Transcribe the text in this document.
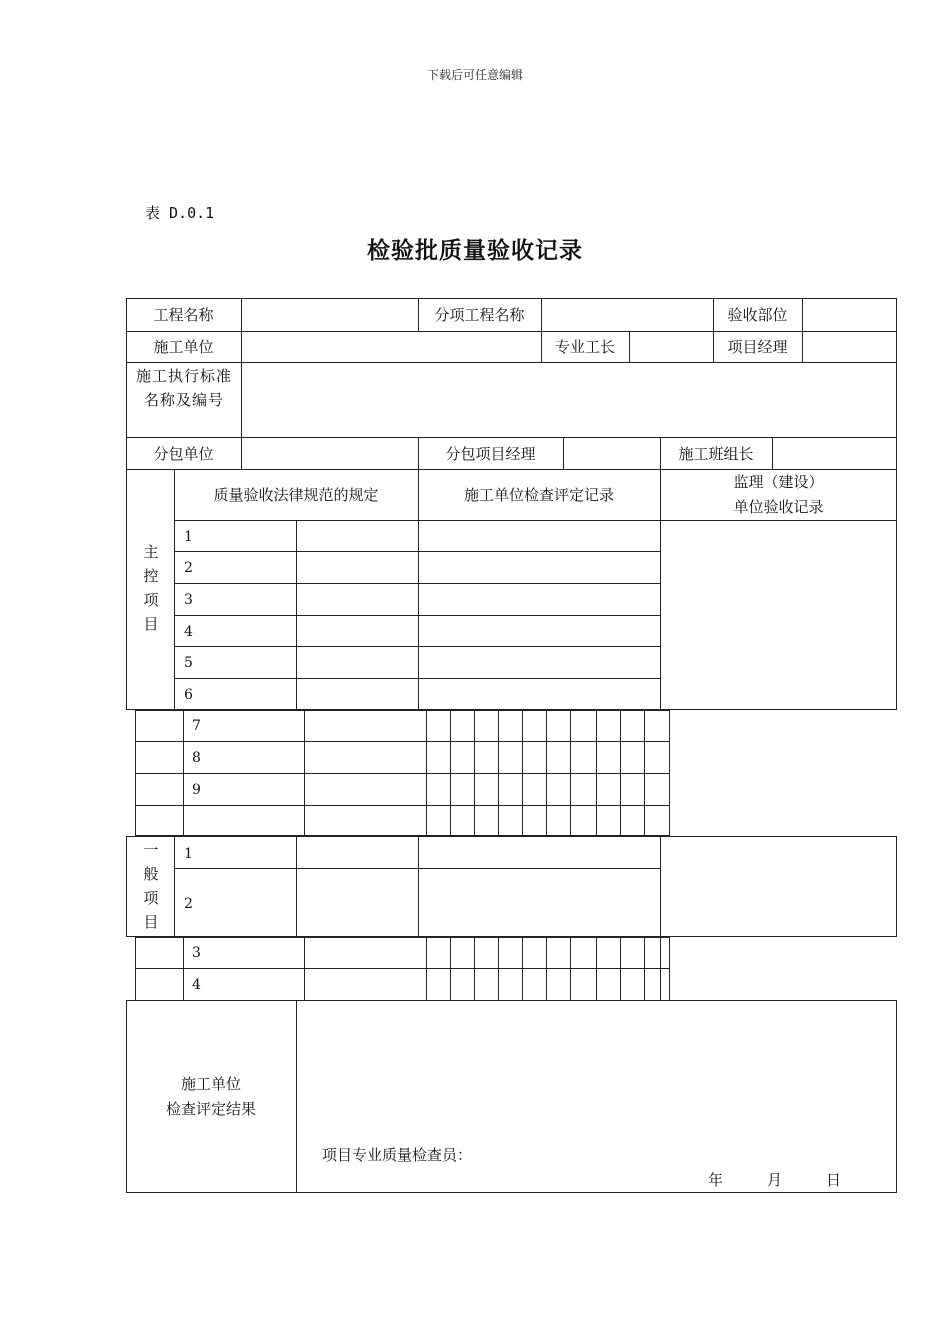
下载后可任意编辑
表 D.0.1
检验批质量验收记录
工程名称	分项工程名称	验收部位
施工单位	专业工长	项目经理
施工执行标准名称及编号
分包单位	分包项目经理	施工班组长
质量验收法律规范的规定	施工单位检查评定记录
监理（建设）
单位验收记录
主控项目
1
2
3
4
5
6
7
8
9
一般项目
1
2
3
4
施工单位
检查评定结果
项目专业质量检查员：
年	月	日
